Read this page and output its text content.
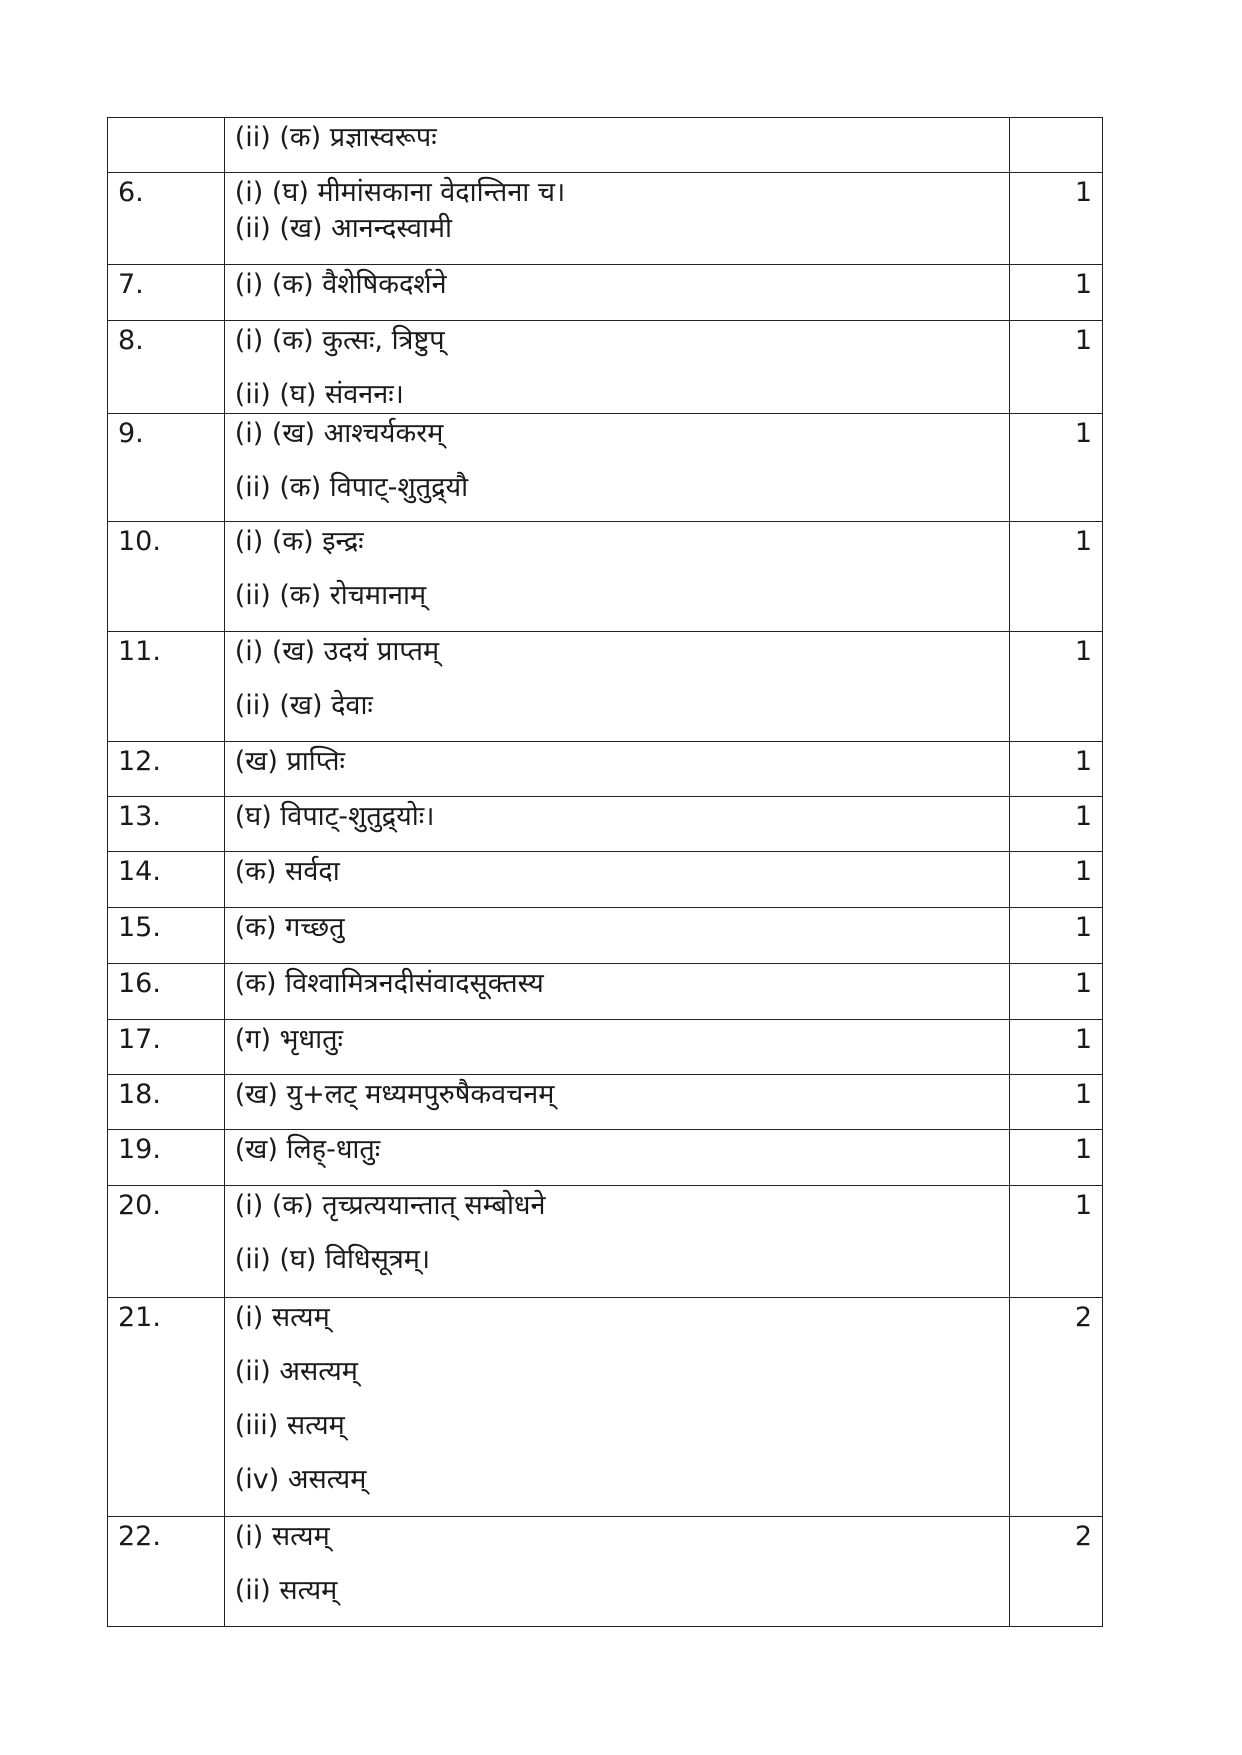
	(ii) (क) प्रज्ञास्वरूपः	

6.	(i) (घ) मीमांसकाना वेदान्तिना च।
(ii) (ख) आनन्दस्वामी	1
7.	(i) (क) वैशेषिकदर्शने	1
8.	(i) (क) कुत्सः, त्रिष्टुप्
(ii) (घ) संवननः।	1
9.	(i) (ख) आश्चर्यकरम्
(ii) (क) विपाट्-शुतुद्र्यौ	1
10.	(i) (क) इन्द्रः
(ii) (क) रोचमानाम्	1
11.	(i) (ख) उदयं प्राप्तम्
(ii) (ख) देवाः	1
12.	(ख) प्राप्तिः	1
13.	(घ) विपाट्-शुतुद्र्योः।	1
14.	(क) सर्वदा	1
15.	(क) गच्छतु	1
16.	(क) विश्वामित्रनदीसंवादसूक्तस्य	1
17.	(ग) भृधातुः	1
18.	(ख) यु+लट् मध्यमपुरुषैकवचनम्	1
19.	(ख) लिह्-धातुः	1
20.	(i) (क) तृच्प्रत्ययान्तात् सम्बोधने
(ii) (घ) विधिसूत्रम्।	1
21.	(i) सत्यम्
(ii) असत्यम्
(iii) सत्यम्
(iv) असत्यम्	2
22.	(i) सत्यम्
(ii) सत्यम्	2
